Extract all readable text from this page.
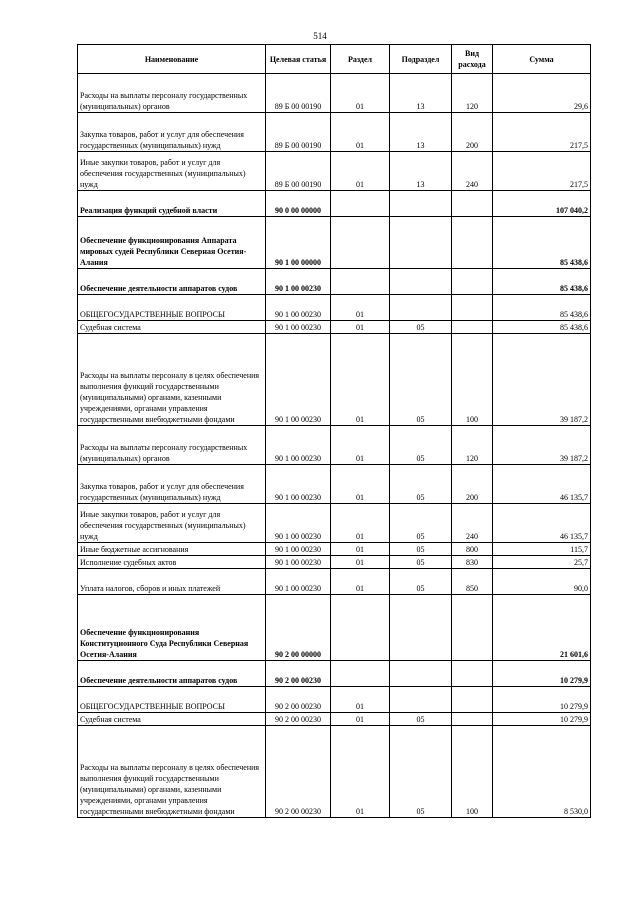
514
Наименование	Целевая статья	Раздел	Подраздел	Вид расхода	Сумма
Расходы на выплаты персоналу государственных (муниципальных) органов	89 Б 00 00190	01	13	120	29,6
Закупка товаров, работ и услуг для обеспечения государственных (муниципальных) нужд	89 Б 00 00190	01	13	200	217,5
Иные закупки товаров, работ и услуг для обеспечения государственных (муниципальных) нужд	89 Б 00 00190	01	13	240	217,5
Реализация функций судебной власти	90 0 00 00000				107 040,2
Обеспечение функционирования Аппарата мировых судей Республики Северная Осетия-Алания	90 1 00 00000				85 438,6
Обеспечение деятельности аппаратов судов	90 1 00 00230				85 438,6
ОБЩЕГОСУДАРСТВЕННЫЕ ВОПРОСЫ	90 1 00 00230	01			85 438,6
Судебная система	90 1 00 00230	01	05		85 438,6
Расходы на выплаты персоналу в целях обеспечения выполнения функций государственными (муниципальными) органами, казенными учреждениями, органами управления государственными внебюджетными фондами	90 1 00 00230	01	05	100	39 187,2
Расходы на выплаты персоналу государственных (муниципальных) органов	90 1 00 00230	01	05	120	39 187,2
Закупка товаров, работ и услуг для обеспечения государственных (муниципальных) нужд	90 1 00 00230	01	05	200	46 135,7
Иные закупки товаров, работ и услуг для обеспечения государственных (муниципальных) нужд	90 1 00 00230	01	05	240	46 135,7
Иные бюджетные ассигнования	90 1 00 00230	01	05	800	115,7
Исполнение судебных актов	90 1 00 00230	01	05	830	25,7
Уплата налогов, сборов и иных платежей	90 1 00 00230	01	05	850	90,0
Обеспечение функционирования Конституционного Суда Республики Северная Осетия-Алания	90 2 00 00000				21 601,6
Обеспечение деятельности аппаратов судов	90 2 00 00230				10 279,9
ОБЩЕГОСУДАРСТВЕННЫЕ ВОПРОСЫ	90 2 00 00230	01			10 279,9
Судебная система	90 2 00 00230	01	05		10 279,9
Расходы на выплаты персоналу в целях обеспечения выполнения функций государственными (муниципальными) органами, казенными учреждениями, органами управления государственными внебюджетными фондами	90 2 00 00230	01	05	100	8 530,0
